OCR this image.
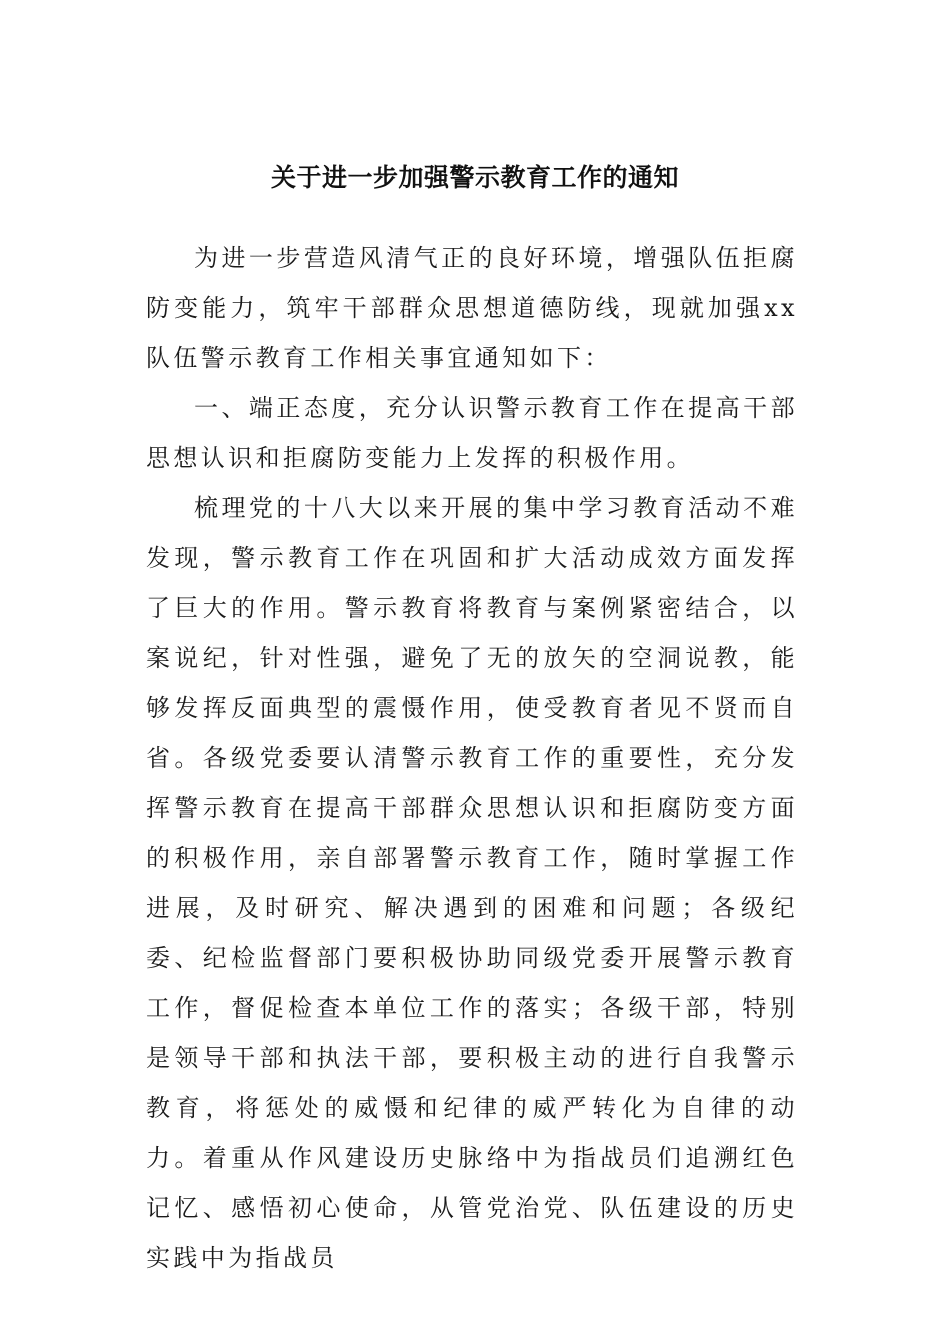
关于进一步加强警示教育工作的通知

为进一步营造风清气正的良好环境，增强队伍拒腐防变能力，筑牢干部群众思想道德防线，现就加强xx队伍警示教育工作相关事宜通知如下：

一、端正态度，充分认识警示教育工作在提高干部思想认识和拒腐防变能力上发挥的积极作用。

梳理党的十八大以来开展的集中学习教育活动不难发现，警示教育工作在巩固和扩大活动成效方面发挥了巨大的作用。警示教育将教育与案例紧密结合，以案说纪，针对性强，避免了无的放矢的空洞说教，能够发挥反面典型的震慑作用，使受教育者见不贤而自省。各级党委要认清警示教育工作的重要性，充分发挥警示教育在提高干部群众思想认识和拒腐防变方面的积极作用，亲自部署警示教育工作，随时掌握工作进展，及时研究、解决遇到的困难和问题；各级纪委、纪检监督部门要积极协助同级党委开展警示教育工作，督促检查本单位工作的落实；各级干部，特别是领导干部和执法干部，要积极主动的进行自我警示教育，将惩处的威慑和纪律的威严转化为自律的动力。着重从作风建设历史脉络中为指战员们追溯红色记忆、感悟初心使命，从管党治党、队伍建设的历史实践中为指战员
